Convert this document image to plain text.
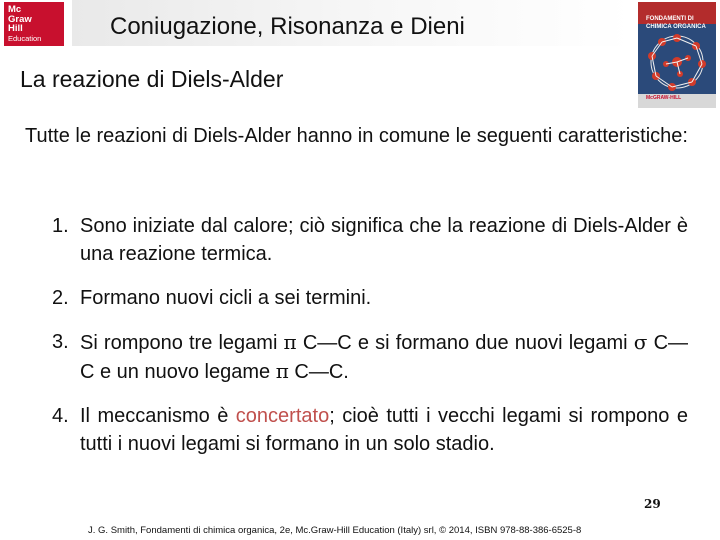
Mc
Graw
Hill
Education	Coniugazione, Risonanza e Dieni	FONDAMENTI DI
CHIMICA ORGANICA
McGRAW-HILL
La reazione di Diels-Alder
Tutte le reazioni di Diels-Alder hanno in comune le seguenti caratteristiche:
1. Sono iniziate dal calore; ciò significa che la reazione di Diels-Alder è una reazione termica.
2. Formano nuovi cicli a sei termini.
3. Si rompono tre legami π C—C e si formano due nuovi legami σ C—C e un nuovo legame π C—C.
4. Il meccanismo è concertato; cioè tutti i vecchi legami si rompono e tutti i nuovi legami si formano in un solo stadio.
29
J. G. Smith, Fondamenti di chimica organica, 2e, Mc.Graw-Hill Education (Italy) srl, © 2014, ISBN 978-88-386-6525-8
